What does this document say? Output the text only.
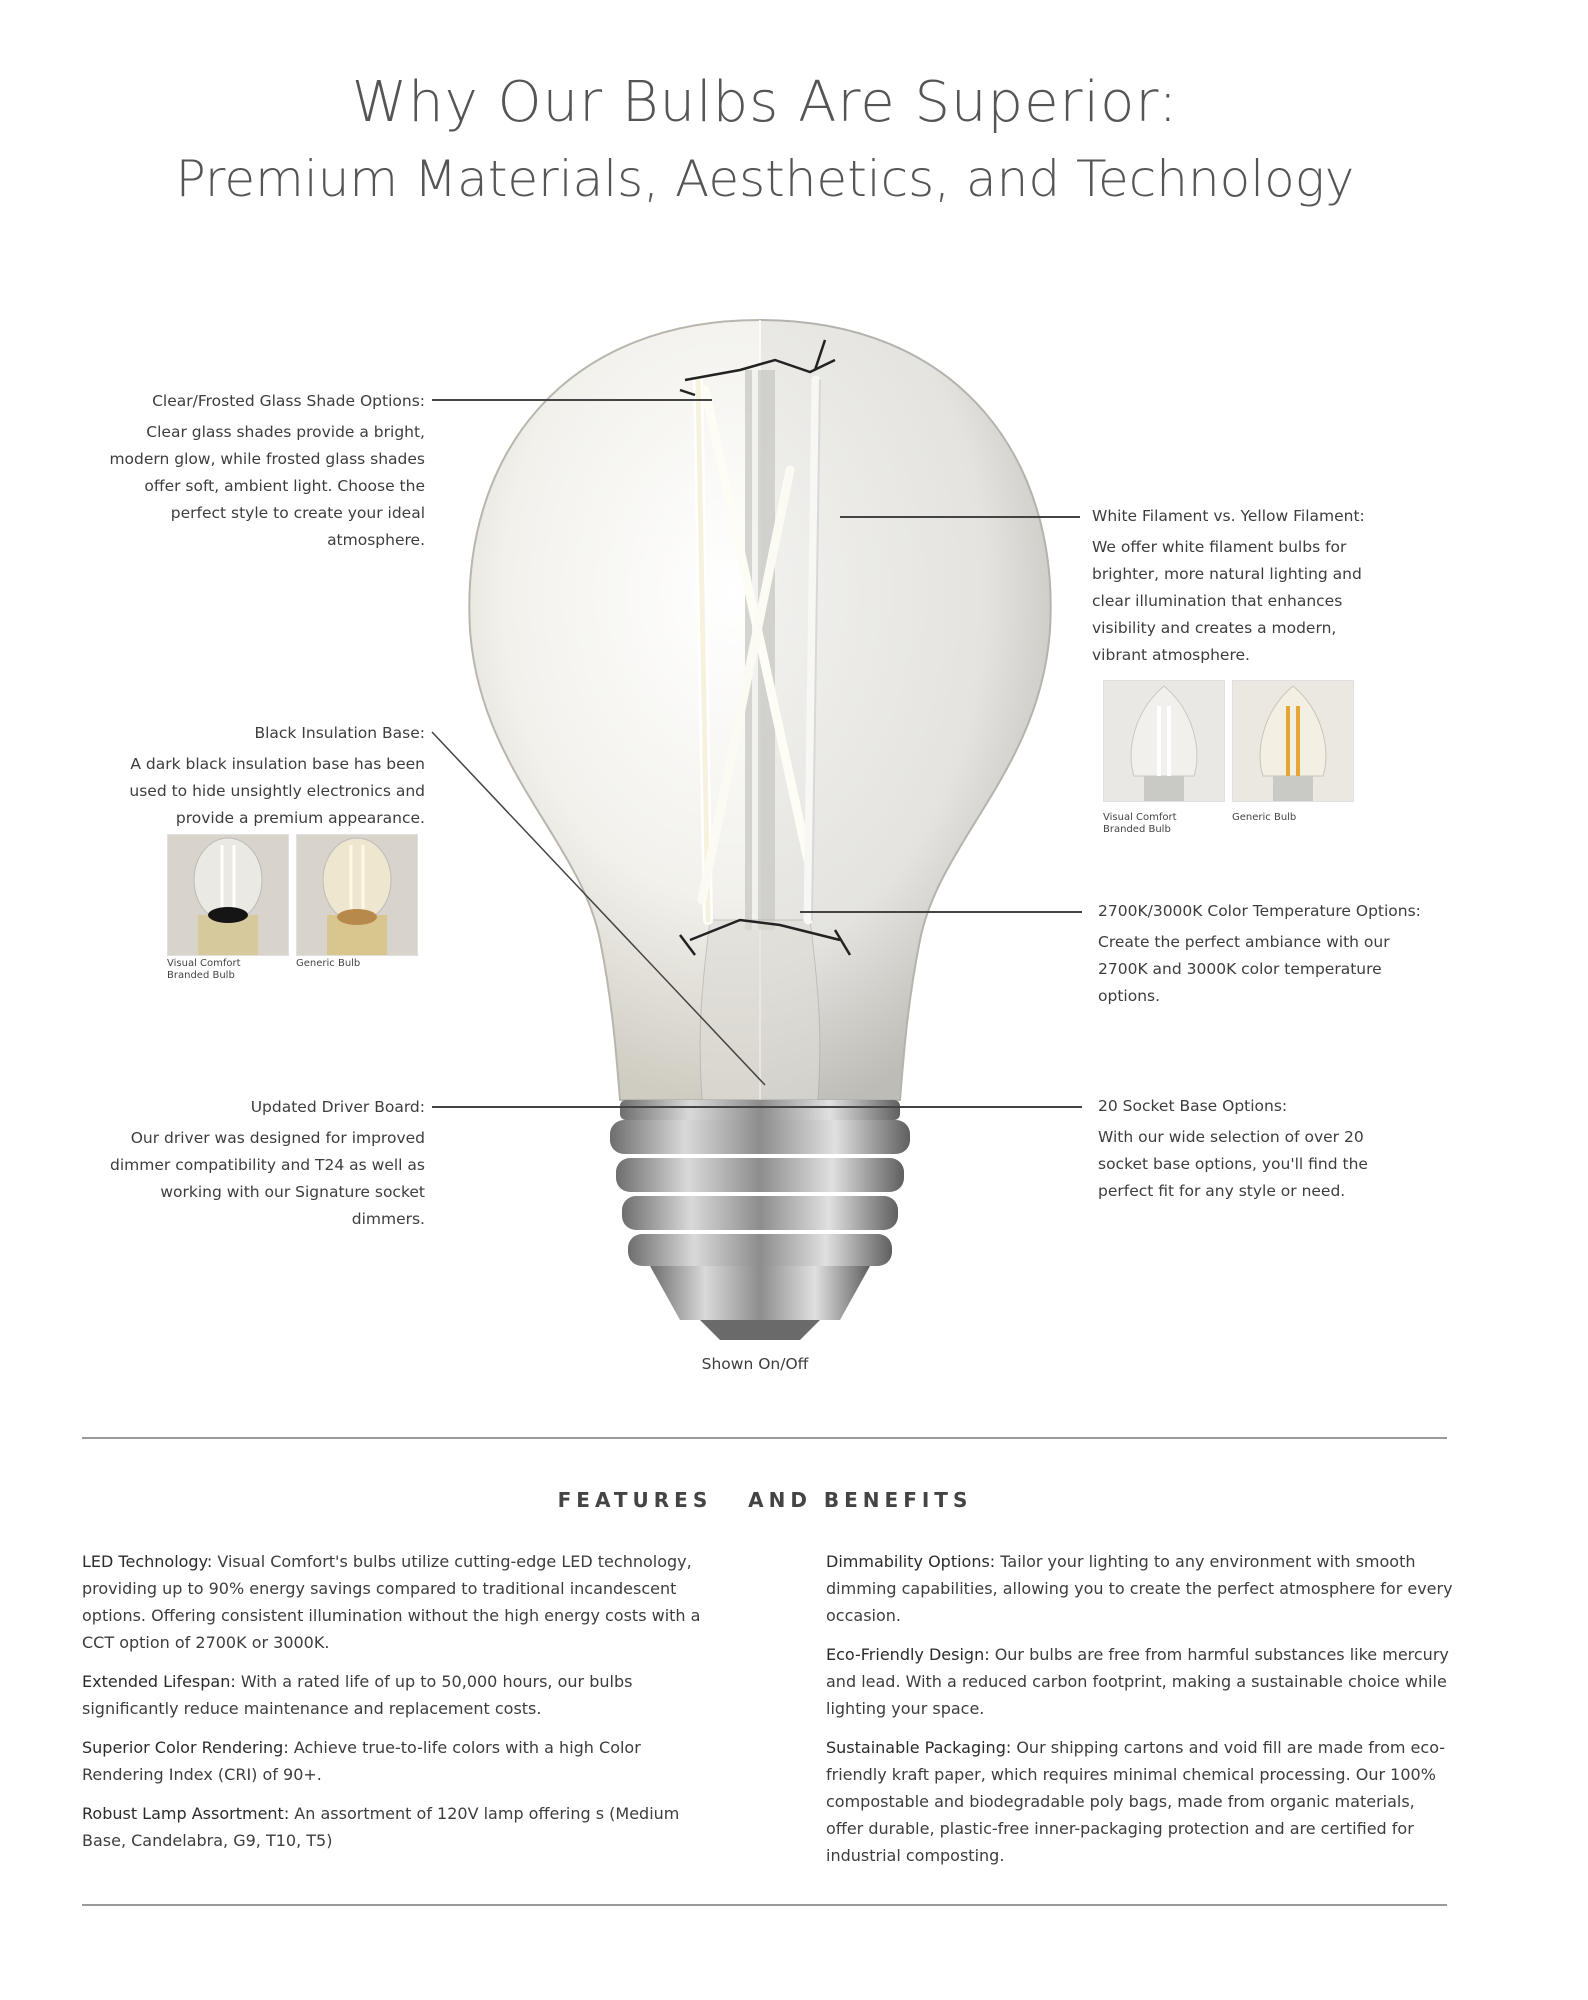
Why Our Bulbs Are Superior:
Premium Materials, Aesthetics, and Technology
Clear/Frosted Glass Shade Options:
Clear glass shades provide a bright, modern glow, while frosted glass shades offer soft, ambient light. Choose the perfect style to create your ideal atmosphere.
Black Insulation Base:
A dark black insulation base has been used to hide unsightly electronics and provide a premium appearance.
Visual Comfort Branded Bulb
Generic Bulb
Updated Driver Board:
Our driver was designed for improved dimmer compatibility and T24 as well as working with our Signature socket dimmers.
White Filament vs. Yellow Filament:
We offer white filament bulbs for brighter, more natural lighting and clear illumination that enhances visibility and creates a modern, vibrant atmosphere.
Visual Comfort Branded Bulb
Generic Bulb
2700K/3000K Color Temperature Options:
Create the perfect ambiance with our 2700K and 3000K color temperature options.
20 Socket Base Options:
With our wide selection of over 20 socket base options, you'll find the perfect fit for any style or need.
Shown On/Off
FEATURES   AND BENEFITS
LED Technology: Visual Comfort's bulbs utilize cutting-edge LED technology, providing up to 90% energy savings compared to traditional incandescent options. Offering consistent illumination without the high energy costs with a CCT option of 2700K or 3000K.
Extended Lifespan: With a rated life of up to 50,000 hours, our bulbs significantly reduce maintenance and replacement costs.
Superior Color Rendering: Achieve true-to-life colors with a high Color Rendering Index (CRI) of 90+.
Robust Lamp Assortment: An assortment of 120V lamp offering s (Medium Base, Candelabra, G9, T10, T5)
Dimmability Options: Tailor your lighting to any environment with smooth dimming capabilities, allowing you to create the perfect atmosphere for every occasion.
Eco-Friendly Design: Our bulbs are free from harmful substances like mercury and lead. With a reduced carbon footprint, making a sustainable choice while lighting your space.
Sustainable Packaging: Our shipping cartons and void fill are made from eco-friendly kraft paper, which requires minimal chemical processing. Our 100% compostable and biodegradable poly bags, made from organic materials, offer durable, plastic-free inner-packaging protection and are certified for industrial composting.
